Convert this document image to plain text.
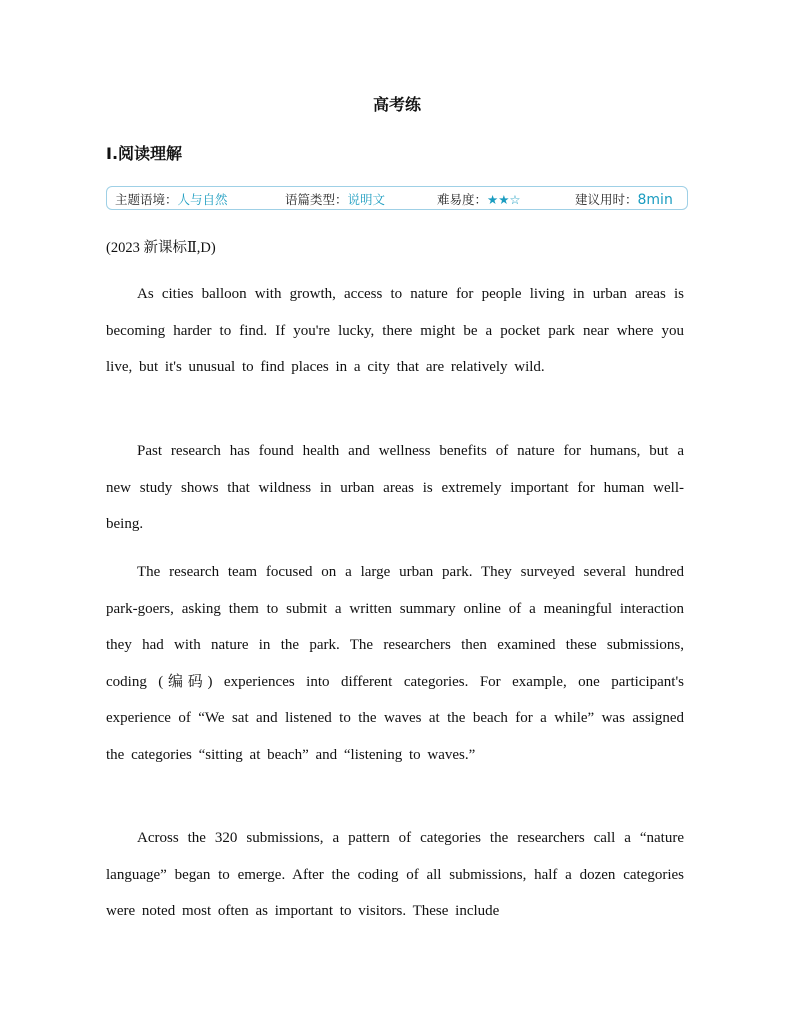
高考练
Ⅰ.阅读理解
主题语境：人与自然	语篇类型：说明文	难易度：★★☆	建议用时：8min
(2023 新课标Ⅱ,D)

As cities balloon with growth, access to nature for people living in urban areas is becoming harder to find. If you're lucky, there might be a pocket park near where you live, but it's unusual to find places in a city that are relatively wild.

Past research has found health and wellness benefits of nature for humans, but a new study shows that wildness in urban areas is extremely important for human well-being.

The research team focused on a large urban park. They surveyed several hundred park-goers, asking them to submit a written summary online of a meaningful interaction they had with nature in the park. The researchers then examined these submissions, coding (编码) experiences into different categories. For example, one participant's experience of “We sat and listened to the waves at the beach for a while” was assigned the categories “sitting at beach” and “listening to waves.”

Across the 320 submissions, a pattern of categories the researchers call a “nature language” began to emerge. After the coding of all submissions, half a dozen categories were noted most often as important to visitors. These include
